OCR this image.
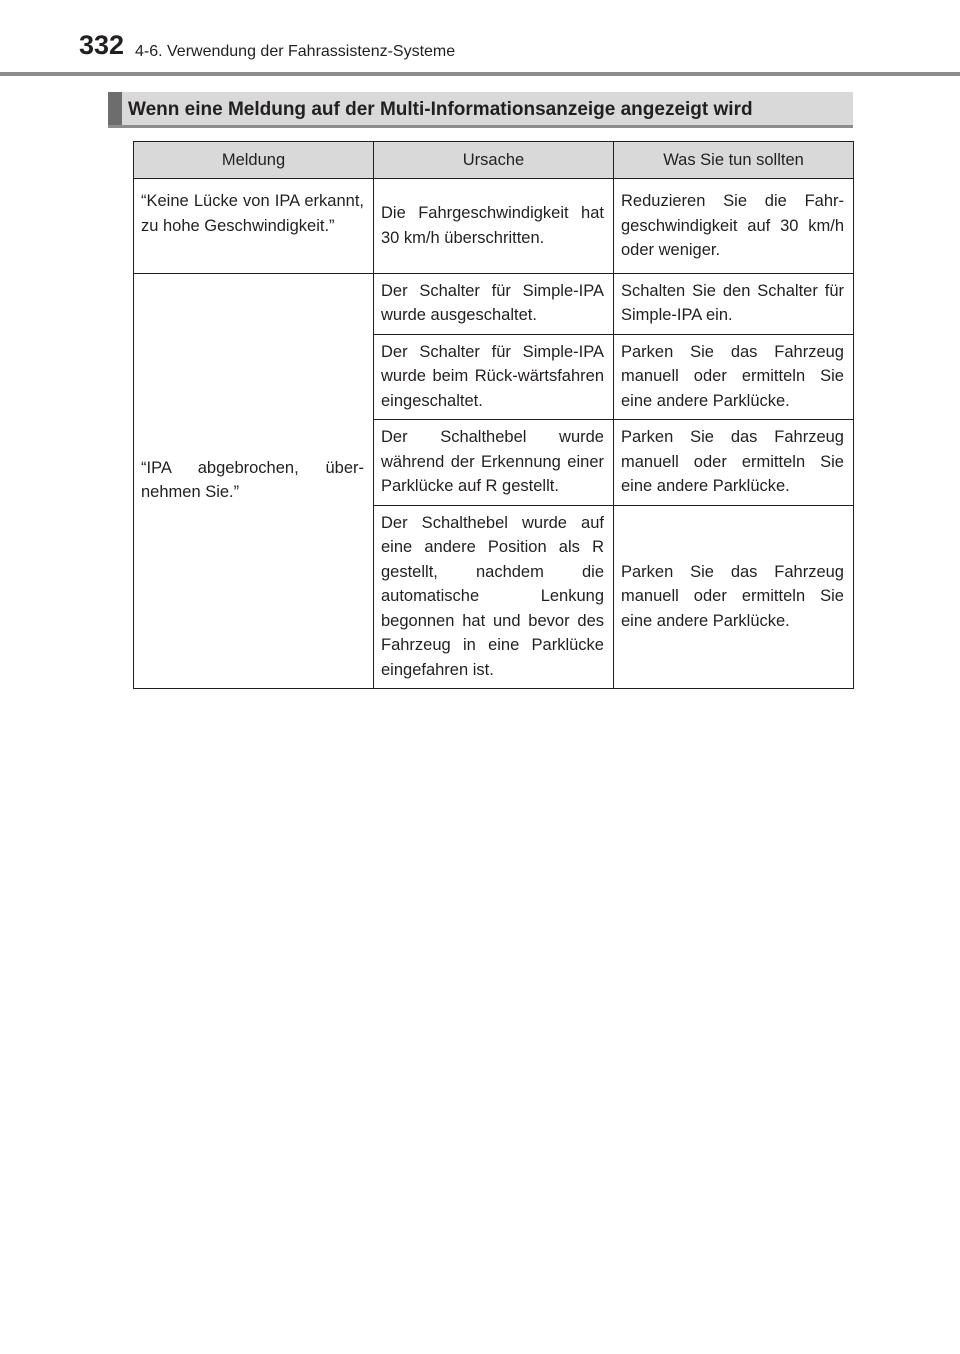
332 4-6. Verwendung der Fahrassistenz-Systeme
Wenn eine Meldung auf der Multi-Informationsanzeige angezeigt wird
Meldung	Ursache	Was Sie tun sollten
“Keine Lücke von IPA erkannt, zu hohe Geschwindigkeit.”	Die Fahrgeschwindigkeit hat 30 km/h überschritten.	Reduzieren Sie die Fahr-geschwindigkeit auf 30 km/h oder weniger.
“IPA abgebrochen, über-nehmen Sie.”	Der Schalter für Simple-IPA wurde ausgeschaltet.	Schalten Sie den Schalter für Simple-IPA ein.
	Der Schalter für Simple-IPA wurde beim Rück-wärtsfahren eingeschaltet.	Parken Sie das Fahrzeug manuell oder ermitteln Sie eine andere Parklücke.
	Der Schalthebel wurde während der Erkennung einer Parklücke auf R gestellt.	Parken Sie das Fahrzeug manuell oder ermitteln Sie eine andere Parklücke.
	Der Schalthebel wurde auf eine andere Position als R gestellt, nachdem die automatische Lenkung begonnen hat und bevor des Fahrzeug in eine Parklücke eingefahren ist.	Parken Sie das Fahrzeug manuell oder ermitteln Sie eine andere Parklücke.
